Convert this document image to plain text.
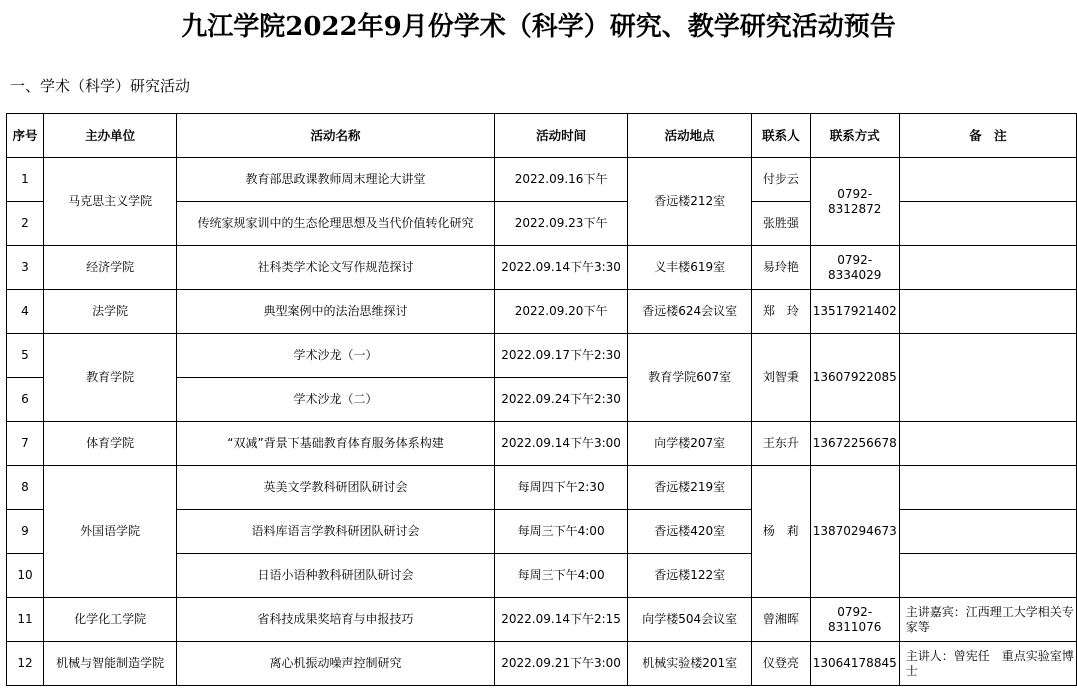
九江学院2022年9月份学术（科学）研究、教学研究活动预告
一、学术（科学）研究活动
序号	主办单位	活动名称	活动时间	活动地点	联系人	联系方式	备　注
1	马克思主义学院	教育部思政课教师周末理论大讲堂	2022.09.16下午	香远楼212室	付步云	0792-8312872	
2		传统家规家训中的生态伦理思想及当代价值转化研究	2022.09.23下午		张胜强		
3	经济学院	社科类学术论文写作规范探讨	2022.09.14下午3:30	义丰楼619室	易玲艳	0792-8334029	
4	法学院	典型案例中的法治思维探讨	2022.09.20下午	香远楼624会议室	郑　玲	13517921402	
5	教育学院	学术沙龙（一）	2022.09.17下午2:30	教育学院607室	刘智秉	13607922085	
6		学术沙龙（二）	2022.09.24下午2:30				
7	体育学院	“双减”背景下基础教育体育服务体系构建	2022.09.14下午3:00	向学楼207室	王东升	13672256678	
8	外国语学院	英美文学教科研团队研讨会	每周四下午2:30	香远楼219室	杨　莉	13870294673	
9		语料库语言学教科研团队研讨会	每周三下午4:00	香远楼420室			
10		日语小语种教科研团队研讨会	每周三下午4:00	香远楼122室			
11	化学化工学院	省科技成果奖培育与申报技巧	2022.09.14下午2:15	向学楼504会议室	曾湘晖	0792-8311076	主讲嘉宾：江西理工大学相关专家等
12	机械与智能制造学院	离心机振动噪声控制研究	2022.09.21下午3:00	机械实验楼201室	仪登亮	13064178845	主讲人：曾宪任　重点实验室博士
